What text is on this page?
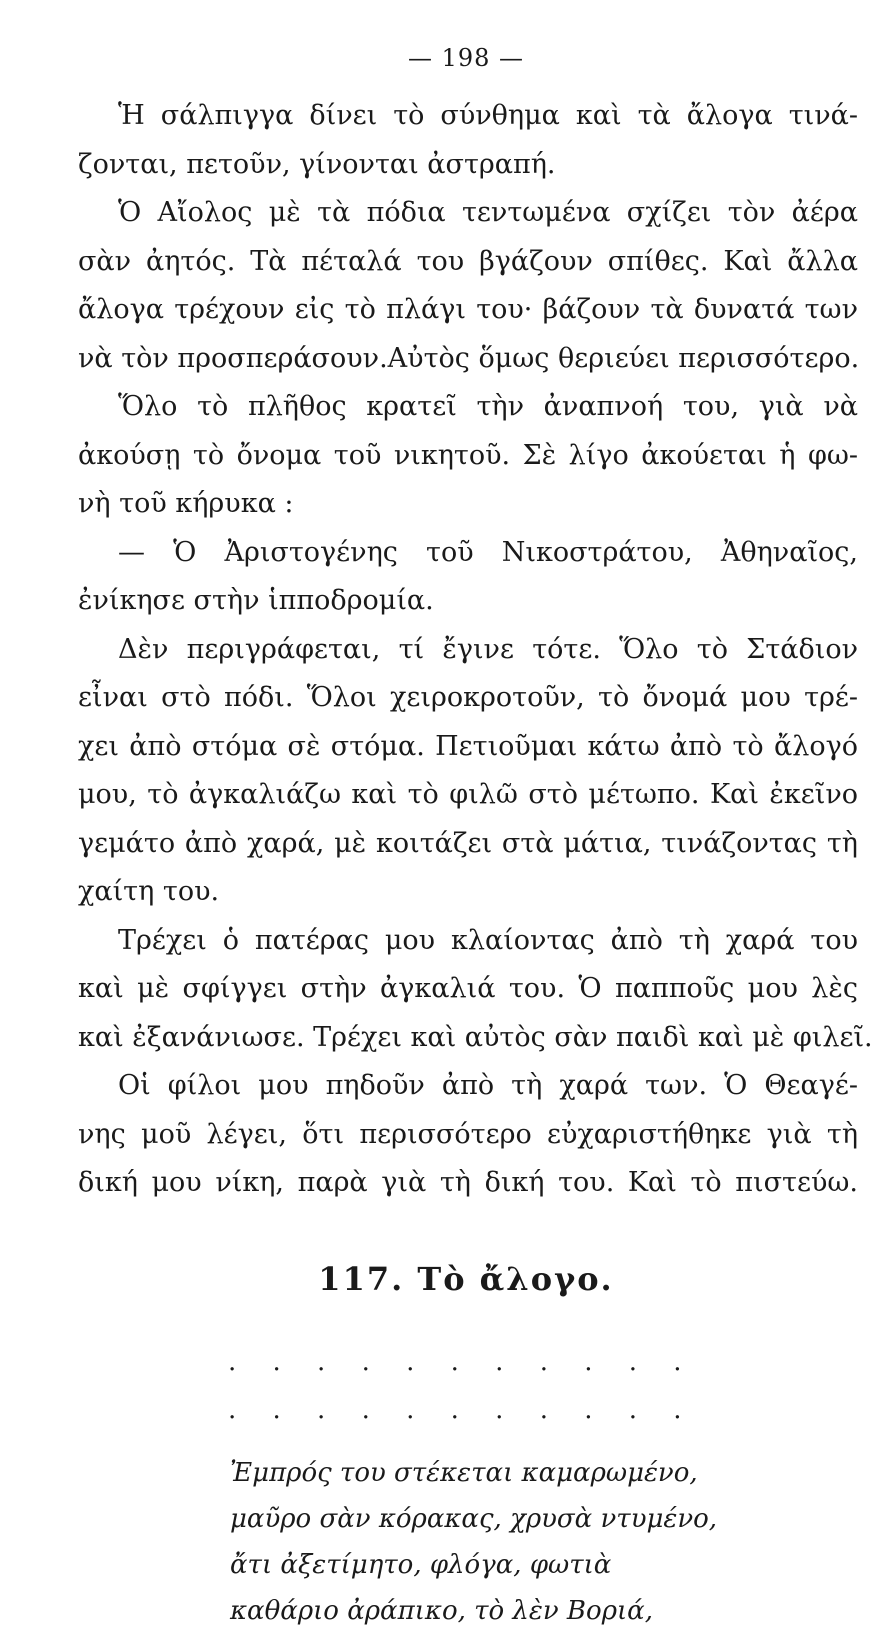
— 198 —
Ἡ σάλπιγγα δίνει τὸ σύνθημα καὶ τὰ ἄλογα τινά-
ζονται, πετοῦν, γίνονται ἀστραπή.
Ὁ Αἴολος μὲ τὰ πόδια τεντωμένα σχίζει τὸν ἀέρα
σὰν ἀητός. Τὰ πέταλά του βγάζουν σπίθες. Καὶ ἄλλα
ἄλογα τρέχουν εἰς τὸ πλάγι του· βάζουν τὰ δυνατά των
νὰ τὸν προσπεράσουν.Αὐτὸς ὅμως θεριεύει περισσότερο.
Ὅλο τὸ πλῆθος κρατεῖ τὴν ἀναπνοή του, γιὰ νὰ
ἀκούσῃ τὸ ὄνομα τοῦ νικητοῦ. Σὲ λίγο ἀκούεται ἡ φω-
νὴ τοῦ κήρυκα :
— Ὁ Ἀριστογένης τοῦ Νικοστράτου, Ἀθηναῖος,
ἐνίκησε στὴν ἱπποδρομία.
Δὲν περιγράφεται, τί ἔγινε τότε. Ὅλο τὸ Στάδιον
εἶναι στὸ πόδι. Ὅλοι χειροκροτοῦν, τὸ ὄνομά μου τρέ-
χει ἀπὸ στόμα σὲ στόμα. Πετιοῦμαι κάτω ἀπὸ τὸ ἄλογό
μου, τὸ ἀγκαλιάζω καὶ τὸ φιλῶ στὸ μέτωπο. Καὶ ἐκεῖνο
γεμάτο ἀπὸ χαρά, μὲ κοιτάζει στὰ μάτια, τινάζοντας τὴ
χαίτη του.
Τρέχει ὁ πατέρας μου κλαίοντας ἀπὸ τὴ χαρά του
καὶ μὲ σφίγγει στὴν ἀγκαλιά του. Ὁ παπποῦς μου λὲς
καὶ ἐξανάνιωσε. Τρέχει καὶ αὐτὸς σὰν παιδὶ καὶ μὲ φιλεῖ.
Οἱ φίλοι μου πηδοῦν ἀπὸ τὴ χαρά των. Ὁ Θεαγέ-
νης μοῦ λέγει, ὅτι περισσότερο εὐχαριστήθηκε γιὰ τὴ
δική μου νίκη, παρὰ γιὰ τὴ δική του. Καὶ τὸ πιστεύω.
117. Τὸ ἄλογο.
. . . . . . . . . . .
. . . . . . . . . . .
Ἐμπρός του στέκεται καμαρωμένο,
μαῦρο σὰν κόρακας, χρυσὰ ντυμένο,
ἄτι ἀξετίμητο, φλόγα, φωτιὰ
καθάριο ἀράπικο, τὸ λὲν Βοριά,
